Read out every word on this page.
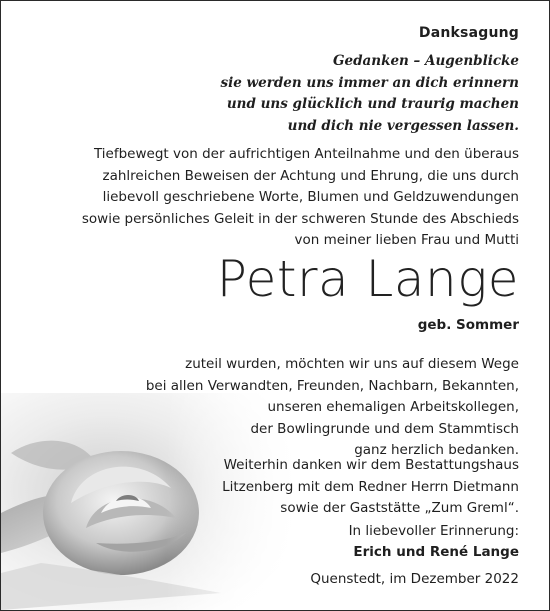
Danksagung
Gedanken – Augenblicke
sie werden uns immer an dich erinnern
und uns glücklich und traurig machen
und dich nie vergessen lassen.
Tiefbewegt von der aufrichtigen Anteilnahme und den überaus
zahlreichen Beweisen der Achtung und Ehrung, die uns durch
liebevoll geschriebene Worte, Blumen und Geldzuwendungen
sowie persönliches Geleit in der schweren Stunde des Abschieds
von meiner lieben Frau und Mutti
Petra Lange
geb. Sommer
zuteil wurden, möchten wir uns auf diesem Wege
bei allen Verwandten, Freunden, Nachbarn, Bekannten,
unseren ehemaligen Arbeitskollegen,
der Bowlingrunde und dem Stammtisch
ganz herzlich bedanken.
Weiterhin danken wir dem Bestattungshaus
Litzenberg mit dem Redner Herrn Dietmann
sowie der Gaststätte „Zum Greml“.
In liebevoller Erinnerung:
Erich und René Lange
Quenstedt, im Dezember 2022
